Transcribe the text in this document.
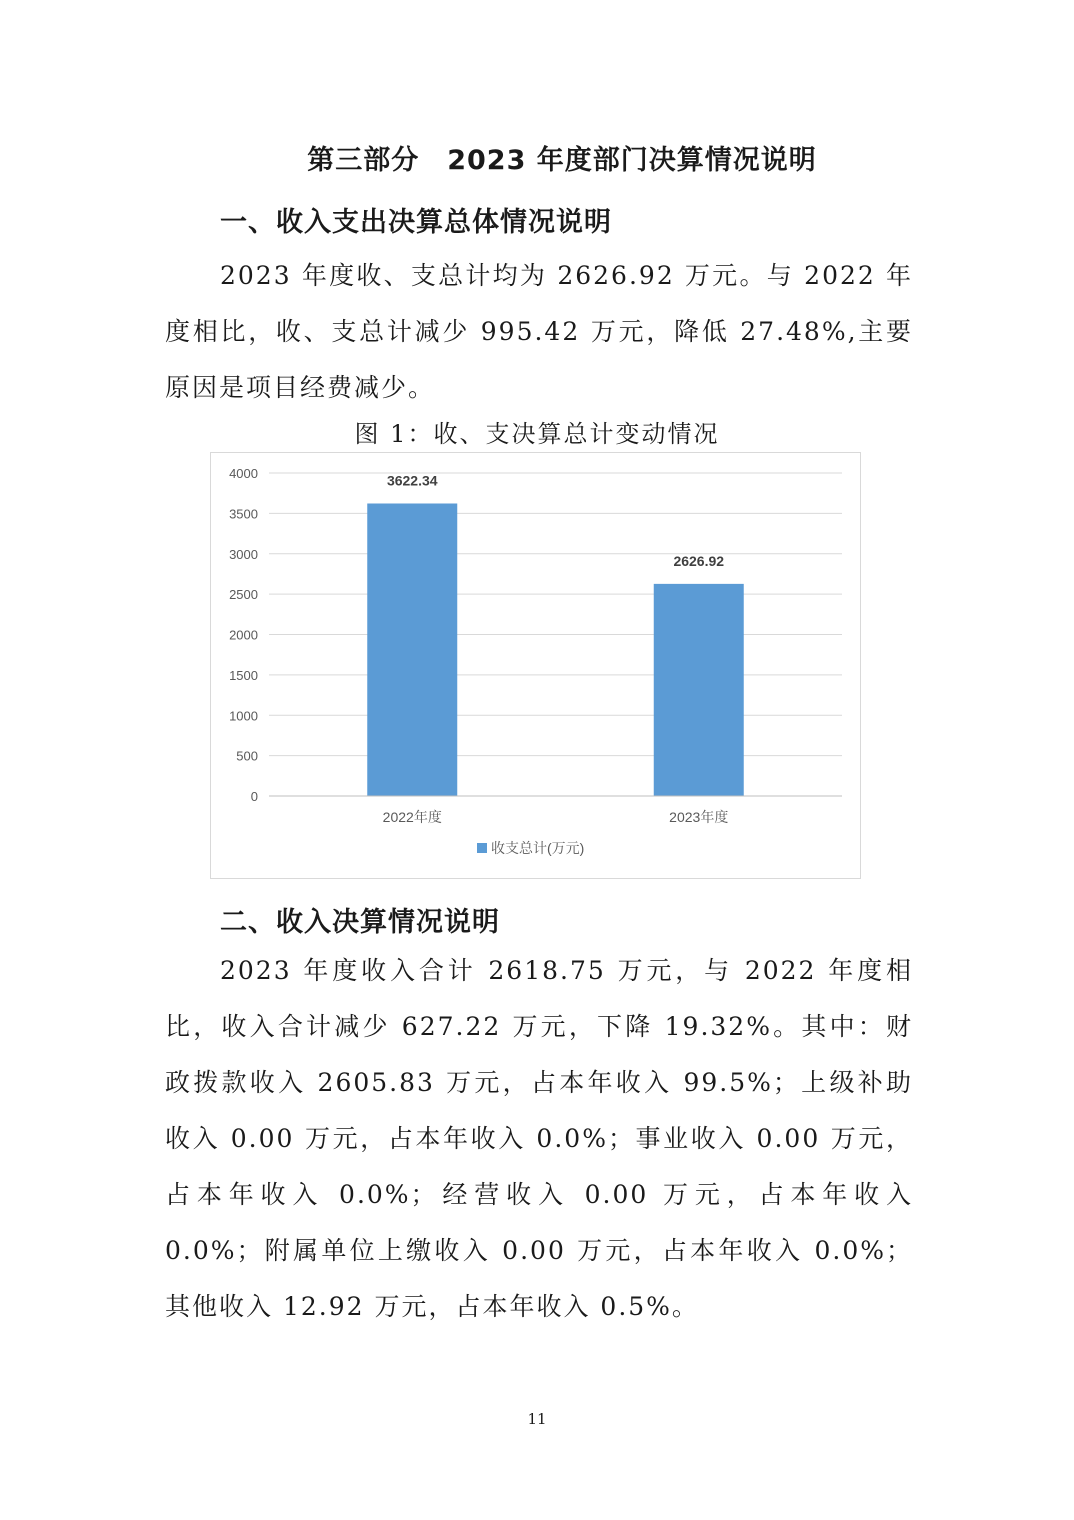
第三部分　2023 年度部门决算情况说明
一、收入支出决算总体情况说明

2023 年度收、支总计均为 2626.92 万元。与 2022 年度相比，收、支总计减少 995.42 万元，降低 27.48%,主要原因是项目经费减少。

图 1：收、支决算总计变动情况
0
500
1000
1500
2000
2500
3000
3500
4000	3622.34
2626.92
2022年度	2023年度
收支总计(万元)
二、收入决算情况说明

2023 年度收入合计 2618.75 万元，与 2022 年度相比，收入合计减少 627.22 万元，下降 19.32%。其中：财政拨款收入 2605.83 万元，占本年收入 99.5%；上级补助收入 0.00 万元，占本年收入 0.0%；事业收入 0.00 万元，占本年收入 0.0%；经营收入 0.00 万元，占本年收入 0.0%；附属单位上缴收入 0.00 万元，占本年收入 0.0%；其他收入 12.92 万元，占本年收入 0.5%。

11
